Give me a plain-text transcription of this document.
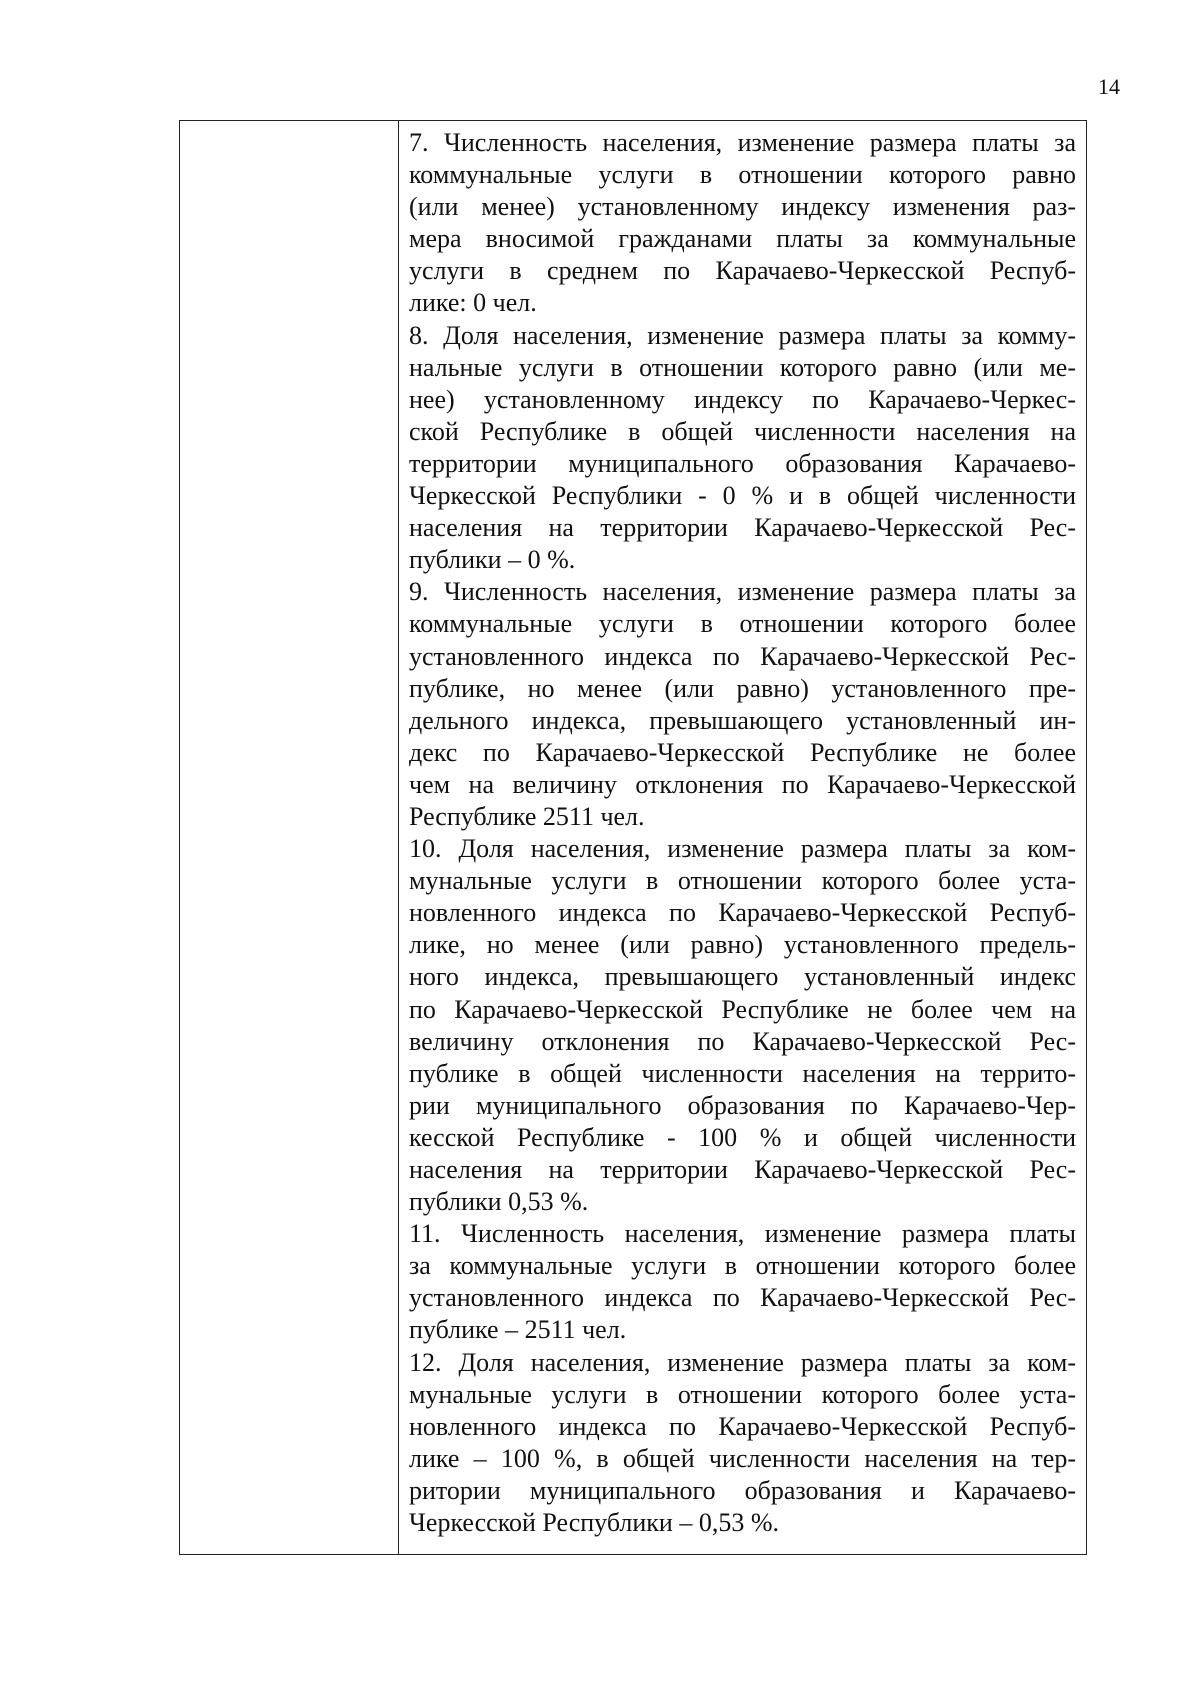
14
7. Численность населения, изменение размера платы за
коммунальные услуги в отношении которого равно
(или менее) установленному индексу изменения раз-
мера вносимой гражданами платы за коммунальные
услуги в среднем по Карачаево-Черкесской Респуб-
лике: 0 чел.
8. Доля населения, изменение размера платы за комму-
нальные услуги в отношении которого равно (или ме-
нее) установленному индексу по Карачаево-Черкес-
ской Республике в общей численности населения на
территории муниципального образования Карачаево-
Черкесской Республики - 0 % и в общей численности
населения на территории Карачаево-Черкесской Рес-
публики – 0 %.
9. Численность населения, изменение размера платы за
коммунальные услуги в отношении которого более
установленного индекса по Карачаево-Черкесской Рес-
публике, но менее (или равно) установленного пре-
дельного индекса, превышающего установленный ин-
декс по Карачаево-Черкесской Республике не более
чем на величину отклонения по Карачаево-Черкесской
Республике 2511 чел.
10. Доля населения, изменение размера платы за ком-
мунальные услуги в отношении которого более уста-
новленного индекса по Карачаево-Черкесской Респуб-
лике, но менее (или равно) установленного предель-
ного индекса, превышающего установленный индекс
по Карачаево-Черкесской Республике не более чем на
величину отклонения по Карачаево-Черкесской Рес-
публике в общей численности населения на террито-
рии муниципального образования по Карачаево-Чер-
кесской Республике - 100 % и общей численности
населения на территории Карачаево-Черкесской Рес-
публики 0,53 %.
11. Численность населения, изменение размера платы
за коммунальные услуги в отношении которого более
установленного индекса по Карачаево-Черкесской Рес-
публике – 2511 чел.
12. Доля населения, изменение размера платы за ком-
мунальные услуги в отношении которого более уста-
новленного индекса по Карачаево-Черкесской Респуб-
лике – 100 %, в общей численности населения на тер-
ритории муниципального образования и Карачаево-
Черкесской Республики – 0,53 %.
